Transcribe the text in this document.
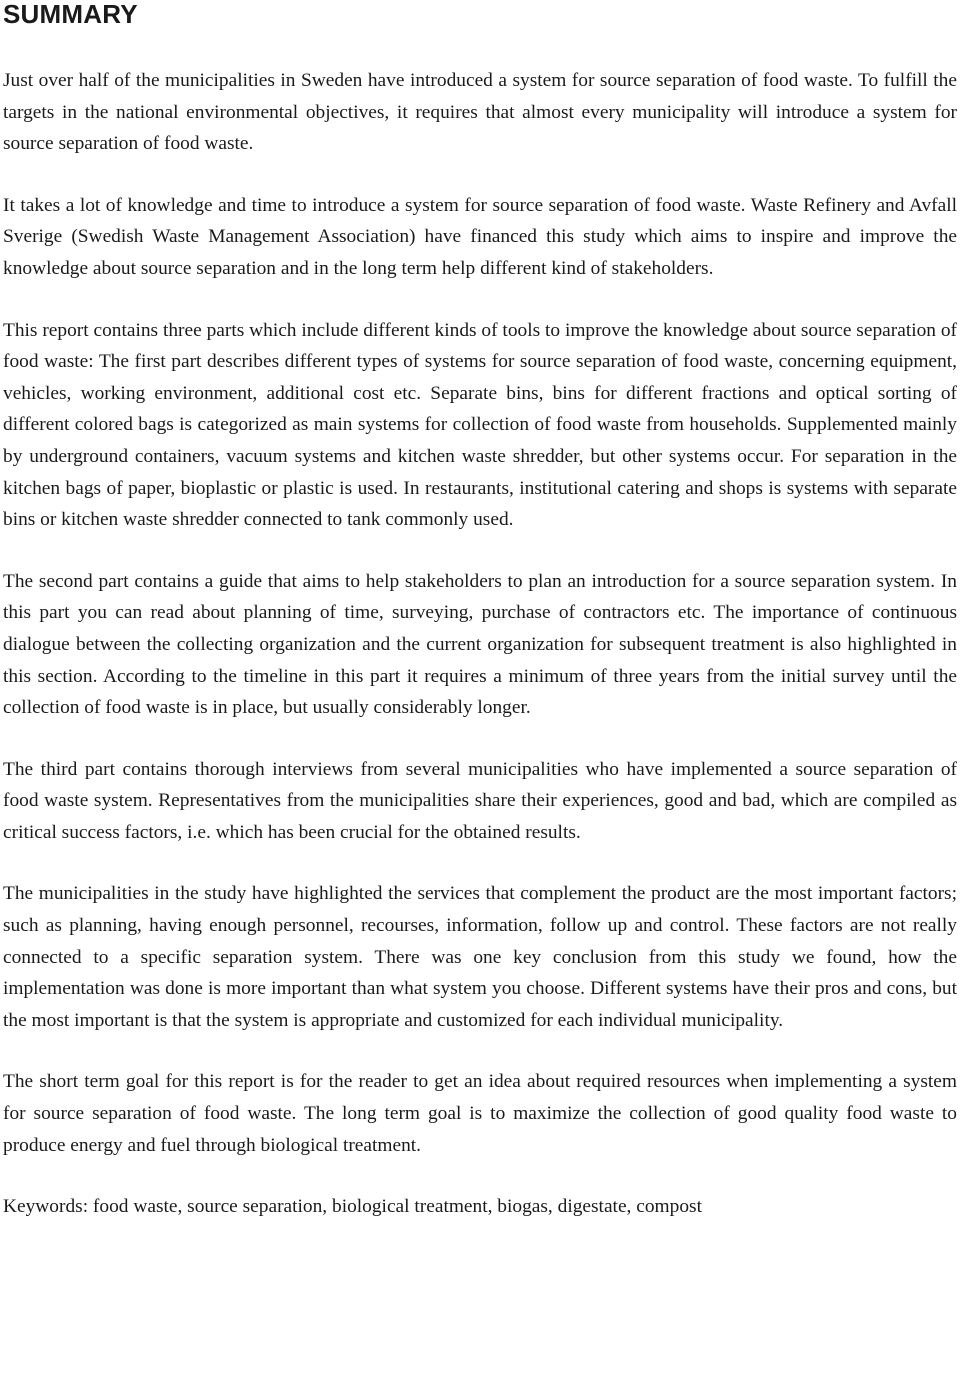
SUMMARY

Just over half of the municipalities in Sweden have introduced a system for source separation of food waste. To fulfill the targets in the national environmental objectives, it requires that almost every municipality will introduce a system for source separation of food waste.

It takes a lot of knowledge and time to introduce a system for source separation of food waste. Waste Refinery and Avfall Sverige (Swedish Waste Management Association) have financed this study which aims to inspire and improve the knowledge about source separation and in the long term help different kind of stakeholders.

This report contains three parts which include different kinds of tools to improve the knowledge about source separation of food waste: The first part describes different types of systems for source separation of food waste, concerning equipment, vehicles, working environment, additional cost etc. Separate bins, bins for different fractions and optical sorting of different colored bags is categorized as main systems for collection of food waste from households. Supplemented mainly by underground containers, vacuum systems and kitchen waste shredder, but other systems occur. For separation in the kitchen bags of paper, bioplastic or plastic is used. In restaurants, institutional catering and shops is systems with separate bins or kitchen waste shredder connected to tank commonly used.

The second part contains a guide that aims to help stakeholders to plan an introduction for a source separation system. In this part you can read about planning of time, surveying, purchase of contractors etc. The importance of continuous dialogue between the collecting organization and the current organization for subsequent treatment is also highlighted in this section. According to the timeline in this part it requires a minimum of three years from the initial survey until the collection of food waste is in place, but usually considerably longer.

The third part contains thorough interviews from several municipalities who have implemented a source separation of food waste system. Representatives from the municipalities share their experiences, good and bad, which are compiled as critical success factors, i.e. which has been crucial for the obtained results.

The municipalities in the study have highlighted the services that complement the product are the most important factors; such as planning, having enough personnel, recourses, information, follow up and control. These factors are not really connected to a specific separation system. There was one key conclusion from this study we found, how the implementation was done is more important than what system you choose. Different systems have their pros and cons, but the most important is that the system is appropriate and customized for each individual municipality.

The short term goal for this report is for the reader to get an idea about required resources when implementing a system for source separation of food waste. The long term goal is to maximize the collection of good quality food waste to produce energy and fuel through biological treatment.

Keywords: food waste, source separation, biological treatment, biogas, digestate, compost
